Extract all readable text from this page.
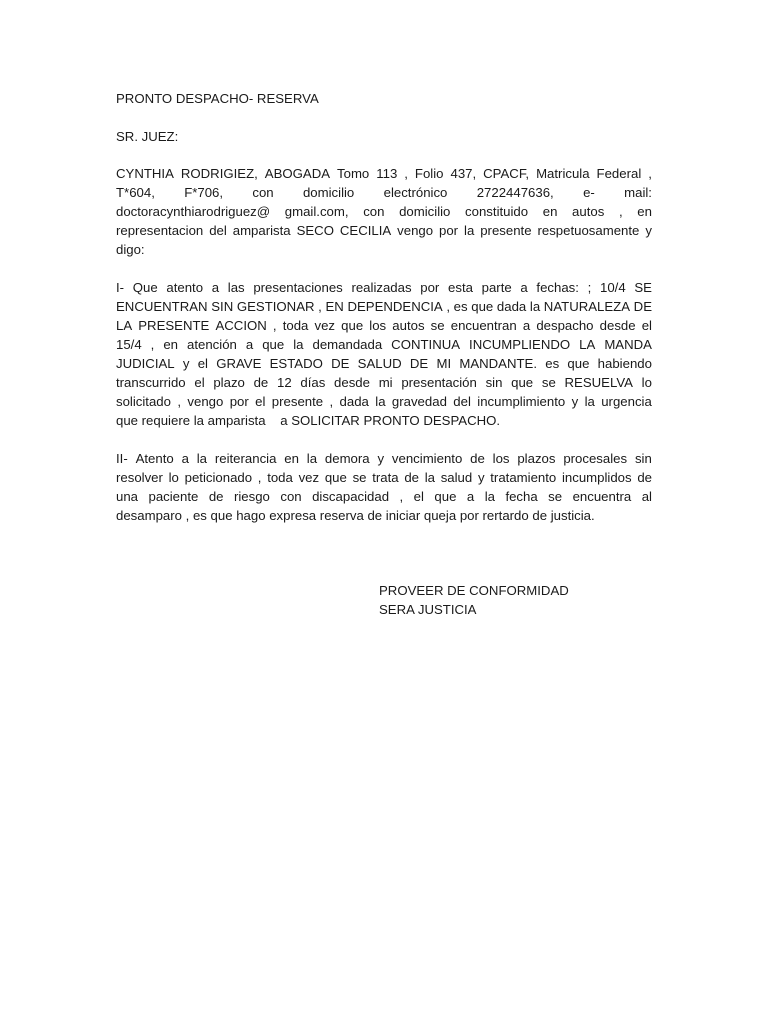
PRONTO DESPACHO- RESERVA
SR. JUEZ:
CYNTHIA RODRIGIEZ, ABOGADA Tomo 113 , Folio 437, CPACF, Matricula Federal ,
T*604, F*706, con domicilio electrónico 2722447636, e- mail:
doctoracynthiarodriguez@ gmail.com, con domicilio constituido en autos , en
representacion del amparista SECO CECILIA vengo por la presente respetuosamente y
digo:
I- Que atento a las presentaciones realizadas por esta parte a fechas: ; 10/4 SE
ENCUENTRAN SIN GESTIONAR , EN DEPENDENCIA , es que dada la NATURALEZA DE
LA PRESENTE ACCION , toda vez que los autos se encuentran a despacho desde el
15/4 , en atención a que la demandada CONTINUA INCUMPLIENDO LA MANDA
JUDICIAL y el GRAVE ESTADO DE SALUD DE MI MANDANTE. es que habiendo
transcurrido el plazo de 12 días desde mi presentación sin que se RESUELVA lo
solicitado , vengo por el presente , dada la gravedad del incumplimiento y la urgencia
que requiere la amparista    a SOLICITAR PRONTO DESPACHO.
II- Atento a la reiterancia en la demora y vencimiento de los plazos procesales sin
resolver lo peticionado , toda vez que se trata de la salud y tratamiento incumplidos de
una paciente de riesgo con discapacidad , el que a la fecha se encuentra al
desamparo , es que hago expresa reserva de iniciar queja por rertardo de justicia.
PROVEER DE CONFORMIDAD
SERA JUSTICIA
